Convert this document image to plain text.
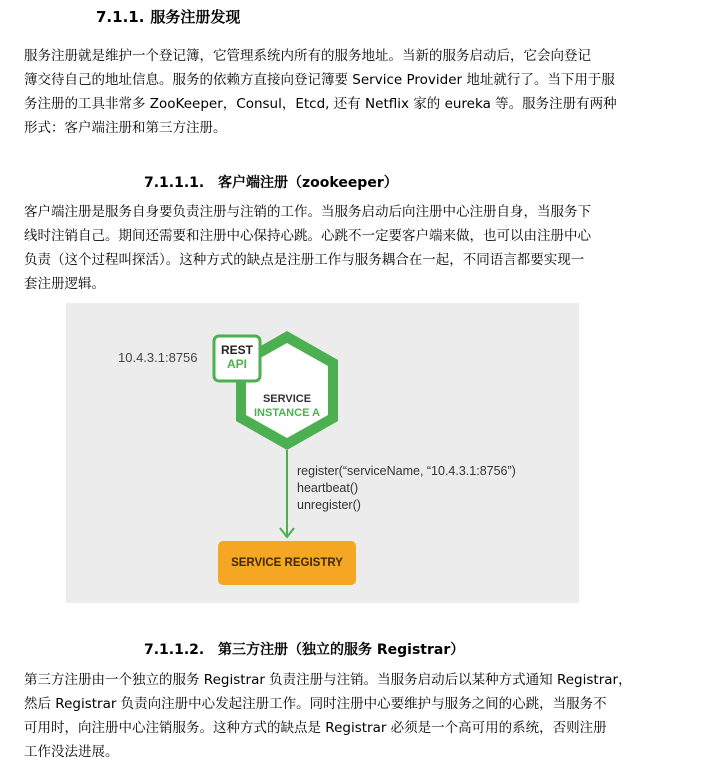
7.1.1. 服务注册发现
服务注册就是维护一个登记簿，它管理系统内所有的服务地址。当新的服务启动后，它会向登记
簿交待自己的地址信息。服务的依赖方直接向登记簿要 Service Provider 地址就行了。当下用于服
务注册的工具非常多 ZooKeeper，Consul，Etcd, 还有 Netflix 家的 eureka 等。服务注册有两种
形式：客户端注册和第三方注册。
7.1.1.1. 客户端注册（zookeeper）
客户端注册是服务自身要负责注册与注销的工作。当服务启动后向注册中心注册自身，当服务下
线时注销自己。期间还需要和注册中心保持心跳。心跳不一定要客户端来做，也可以由注册中心
负责（这个过程叫探活）。这种方式的缺点是注册工作与服务耦合在一起，不同语言都要实现一
套注册逻辑。
10.4.3.1:8756	REST
API
SERVICE
INSTANCE A
register(“serviceName, “10.4.3.1:8756”)
heartbeat()
unregister()
SERVICE REGISTRY
7.1.1.2. 第三方注册（独立的服务 Registrar）
第三方注册由一个独立的服务 Registrar 负责注册与注销。当服务启动后以某种方式通知 Registrar，
然后 Registrar 负责向注册中心发起注册工作。同时注册中心要维护与服务之间的心跳，当服务不
可用时，向注册中心注销服务。这种方式的缺点是 Registrar 必须是一个高可用的系统，否则注册
工作没法进展。
